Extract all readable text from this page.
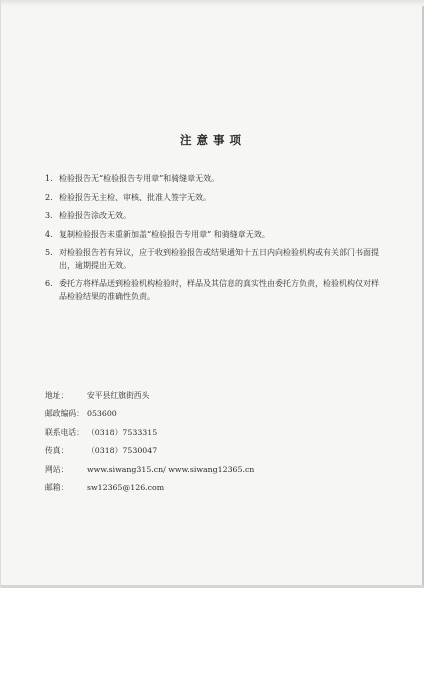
注意事项
1. 检验报告无“检验报告专用章”和骑缝章无效。
2. 检验报告无主检、审核、批准人签字无效。
3. 检验报告涂改无效。
4. 复制检验报告未重新加盖“检验报告专用章” 和骑缝章无效。
5. 对检验报告若有异议，应于收到检验报告或结果通知十五日内向检验机构或有关部门书面提出，逾期提出无效。
6. 委托方将样品送到检验机构检验时，样品及其信息的真实性由委托方负责，检验机构仅对样品检验结果的准确性负责。
地址：	安平县红旗街西头
邮政编码： 053600
联系电话： （0318）7533315
传真：	（0318）7530047
网站：	www.siwang315.cn/ www.siwang12365.cn
邮箱：	sw12365@126.com
